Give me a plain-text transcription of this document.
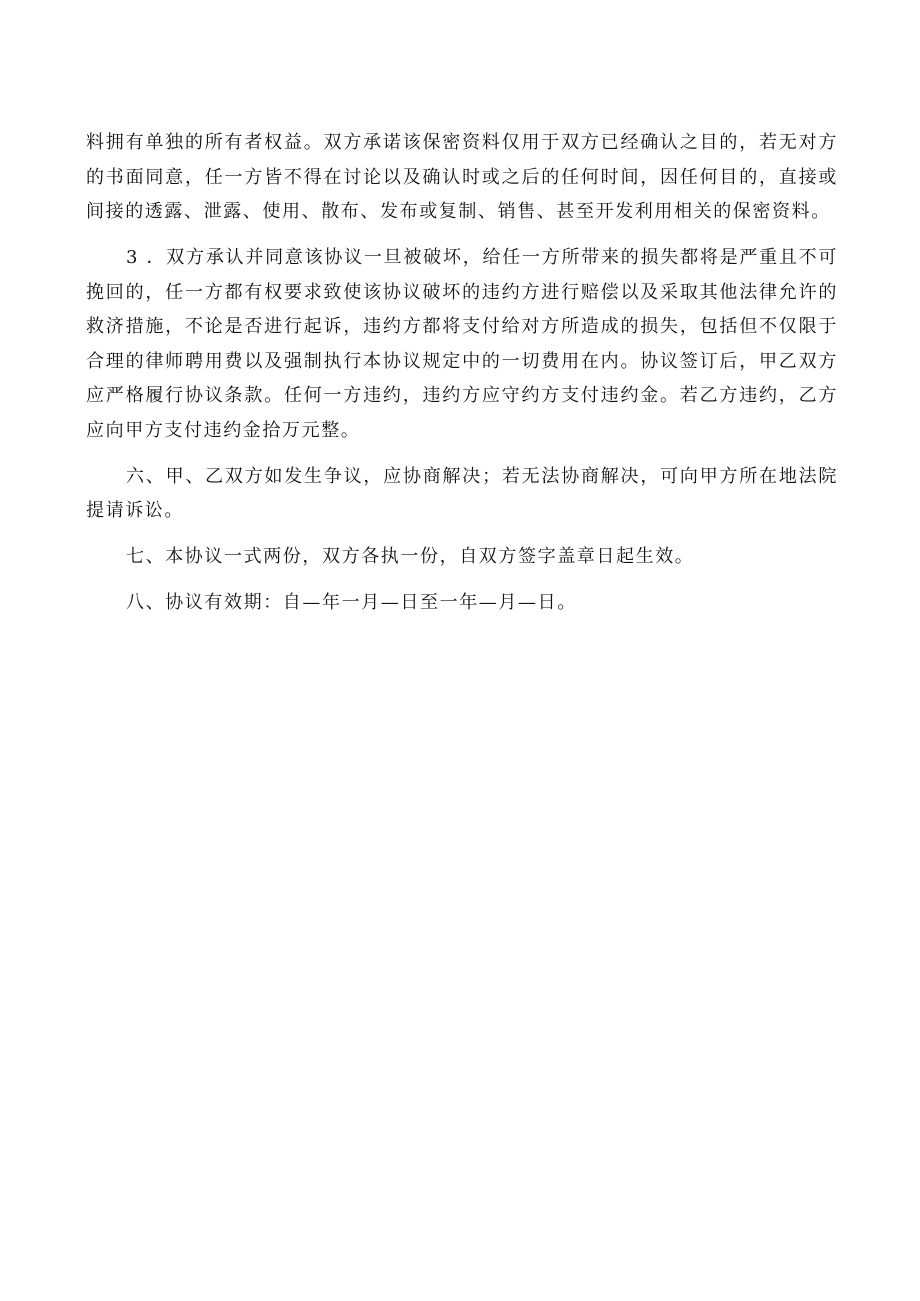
料拥有单独的所有者权益。双方承诺该保密资料仅用于双方已经确认之目的，若无对方的书面同意，任一方皆不得在讨论以及确认时或之后的任何时间，因任何目的，直接或间接的透露、泄露、使用、散布、发布或复制、销售、甚至开发利用相关的保密资料。

3 ．双方承认并同意该协议一旦被破坏，给任一方所带来的损失都将是严重且不可挽回的，任一方都有权要求致使该协议破坏的违约方进行赔偿以及采取其他法律允许的救济措施，不论是否进行起诉，违约方都将支付给对方所造成的损失，包括但不仅限于合理的律师聘用费以及强制执行本协议规定中的一切费用在内。协议签订后，甲乙双方应严格履行协议条款。任何一方违约，违约方应守约方支付违约金。若乙方违约，乙方应向甲方支付违约金拾万元整。

六、甲、乙双方如发生争议，应协商解决；若无法协商解决，可向甲方所在地法院提请诉讼。

七、本协议一式两份，双方各执一份，自双方签字盖章日起生效。

八、协议有效期：自—年一月—日至一年—月—日。
